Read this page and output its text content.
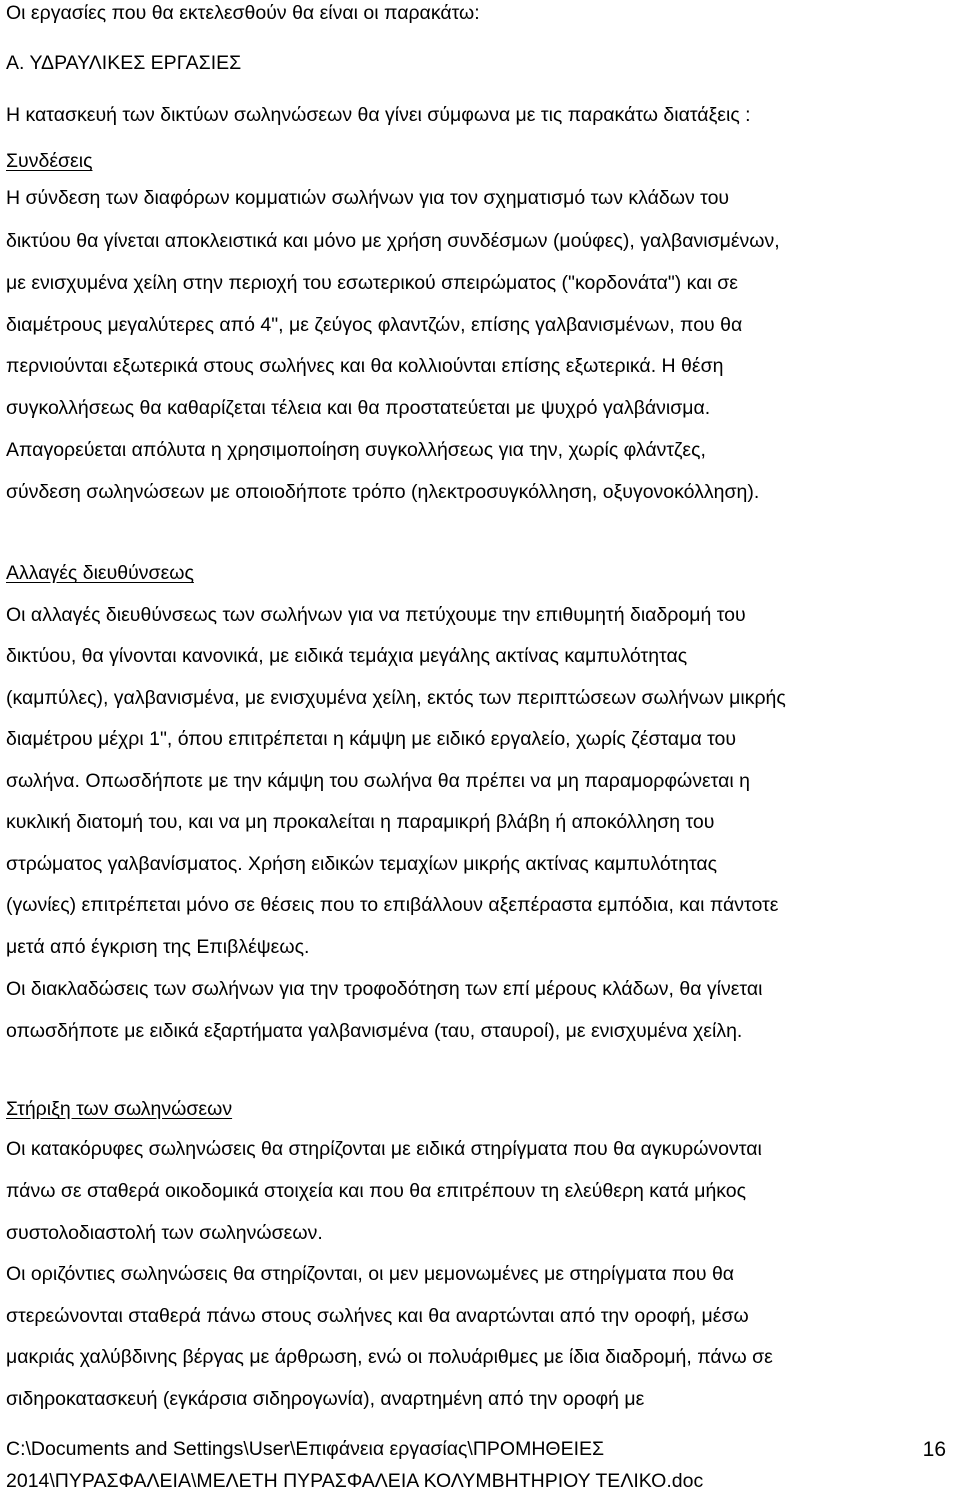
Οι εργασίες που θα εκτελεσθούν θα είναι οι παρακάτω:
Α. ΥΔΡΑΥΛΙΚΕΣ ΕΡΓΑΣΙΕΣ
Η κατασκευή των δικτύων σωληνώσεων θα γίνει σύμφωνα με τις παρακάτω διατάξεις :
Συνδέσεις
Η σύνδεση των διαφόρων κομματιών σωλήνων για τον σχηματισμό των κλάδων του
δικτύου θα γίνεται αποκλειστικά και μόνο με χρήση συνδέσμων (μούφες), γαλβανισμένων,
με ενισχυμένα χείλη στην περιοχή του εσωτερικού σπειρώματος ("κορδονάτα") και σε
διαμέτρους μεγαλύτερες από 4", με ζεύγος φλαντζών, επίσης γαλβανισμένων, που θα
περνιούνται εξωτερικά στους σωλήνες και θα κολλιούνται επίσης εξωτερικά. Η θέση
συγκολλήσεως θα καθαρίζεται τέλεια και θα προστατεύεται με ψυχρό γαλβάνισμα.
Απαγορεύεται απόλυτα η χρησιμοποίηση συγκολλήσεως για την, χωρίς φλάντζες,
σύνδεση σωληνώσεων με οποιοδήποτε τρόπο (ηλεκτροσυγκόλληση, οξυγονοκόλληση).
Αλλαγές διευθύνσεως
Οι αλλαγές διευθύνσεως των σωλήνων για να πετύχουμε την επιθυμητή διαδρομή του
δικτύου, θα γίνονται κανονικά, με ειδικά τεμάχια μεγάλης ακτίνας καμπυλότητας
(καμπύλες), γαλβανισμένα, με ενισχυμένα χείλη, εκτός των περιπτώσεων σωλήνων μικρής
διαμέτρου μέχρι 1", όπου επιτρέπεται η κάμψη με ειδικό εργαλείο, χωρίς ζέσταμα του
σωλήνα. Οπωσδήποτε με την κάμψη του σωλήνα θα πρέπει να μη παραμορφώνεται η
κυκλική διατομή του, και να μη προκαλείται η παραμικρή βλάβη ή αποκόλληση του
στρώματος γαλβανίσματος. Χρήση ειδικών τεμαχίων μικρής ακτίνας καμπυλότητας
(γωνίες) επιτρέπεται μόνο σε θέσεις που το επιβάλλουν αξεπέραστα εμπόδια, και πάντοτε
μετά από έγκριση της Επιβλέψεως.
Οι διακλαδώσεις των σωλήνων για την τροφοδότηση των επί μέρους κλάδων, θα γίνεται
οπωσδήποτε με ειδικά εξαρτήματα γαλβανισμένα (ταυ, σταυροί), με ενισχυμένα χείλη.
Στήριξη των σωληνώσεων
Οι κατακόρυφες σωληνώσεις θα στηρίζονται με ειδικά στηρίγματα που θα αγκυρώνονται
πάνω σε σταθερά οικοδομικά στοιχεία και που θα επιτρέπουν τη ελεύθερη κατά μήκος
συστολοδιαστολή των σωληνώσεων.
Οι οριζόντιες σωληνώσεις θα στηρίζονται, οι μεν μεμονωμένες με στηρίγματα που θα
στερεώνονται σταθερά πάνω στους σωλήνες και θα αναρτώνται από την οροφή, μέσω
μακριάς χαλύβδινης βέργας με άρθρωση, ενώ οι πολυάριθμες με ίδια διαδρομή, πάνω σε
σιδηροκατασκευή (εγκάρσια σιδηρογωνία), αναρτημένη από την οροφή με
C:\Documents and Settings\User\Επιφάνεια εργασίας\ΠΡΟΜΗΘΕΙΕΣ
2014\ΠΥΡΑΣΦΑΛΕΙΑ\ΜΕΛΕΤΗ ΠΥΡΑΣΦΑΛΕΙΑ ΚΟΛΥΜΒΗΤΗΡΙΟΥ ΤΕΛΙΚΟ.doc
16
